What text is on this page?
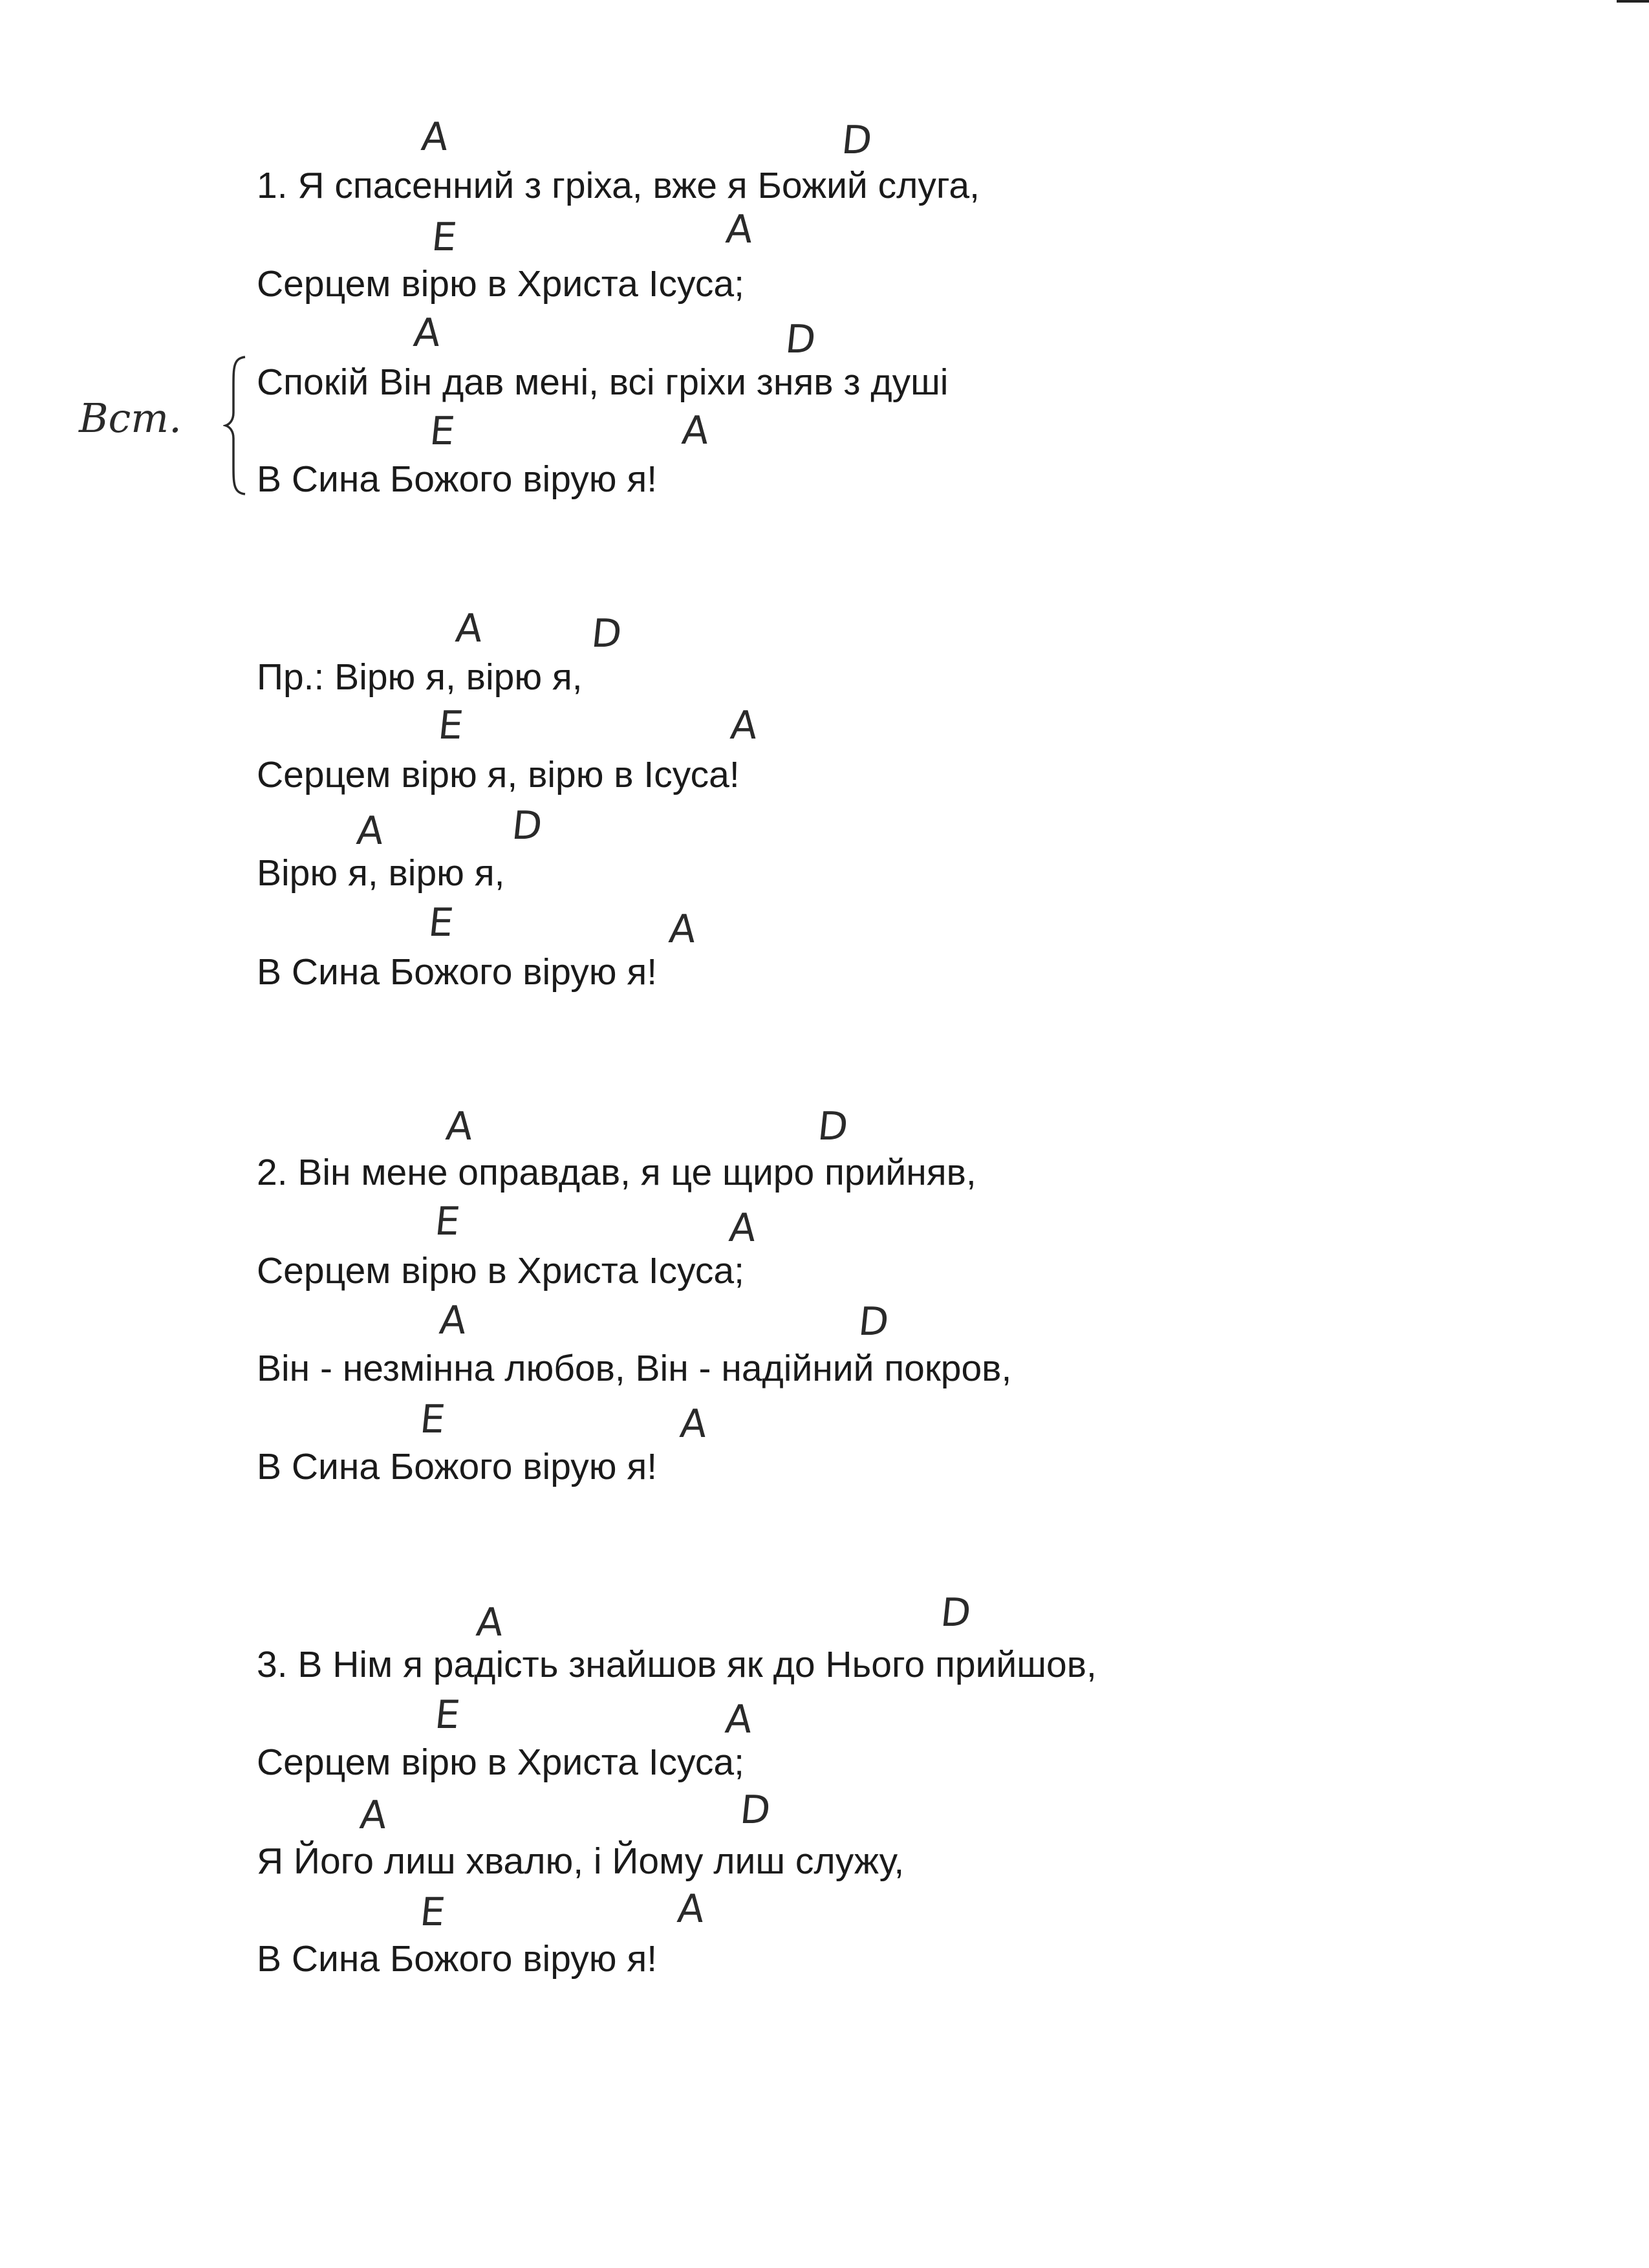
Вст.
A	D
1. Я спасенний з гріха, вже я Божий слуга,
E	A
Серцем вірю в Христа Ісуса;
A	D
Спокій Він дав мені, всі гріхи зняв з душі
E	A
В Сина Божого вірую я!
A	D
Пр.: Вірю я, вірю я,
E	A
Серцем вірю я, вірю в Ісуса!
A	D
Вірю я, вірю я,
E	A
В Сина Божого вірую я!
A	D
2. Він мене оправдав, я це щиро прийняв,
E	A
Серцем вірю в Христа Ісуса;
A	D
Він - незмінна любов, Він - надійний покров,
E	A
В Сина Божого вірую я!
A	D
3. В Нім я радість знайшов як до Нього прийшов,
E	A
Серцем вірю в Христа Ісуса;
A	D
Я Його лиш хвалю, і Йому лиш служу,
E	A
В Сина Божого вірую я!
